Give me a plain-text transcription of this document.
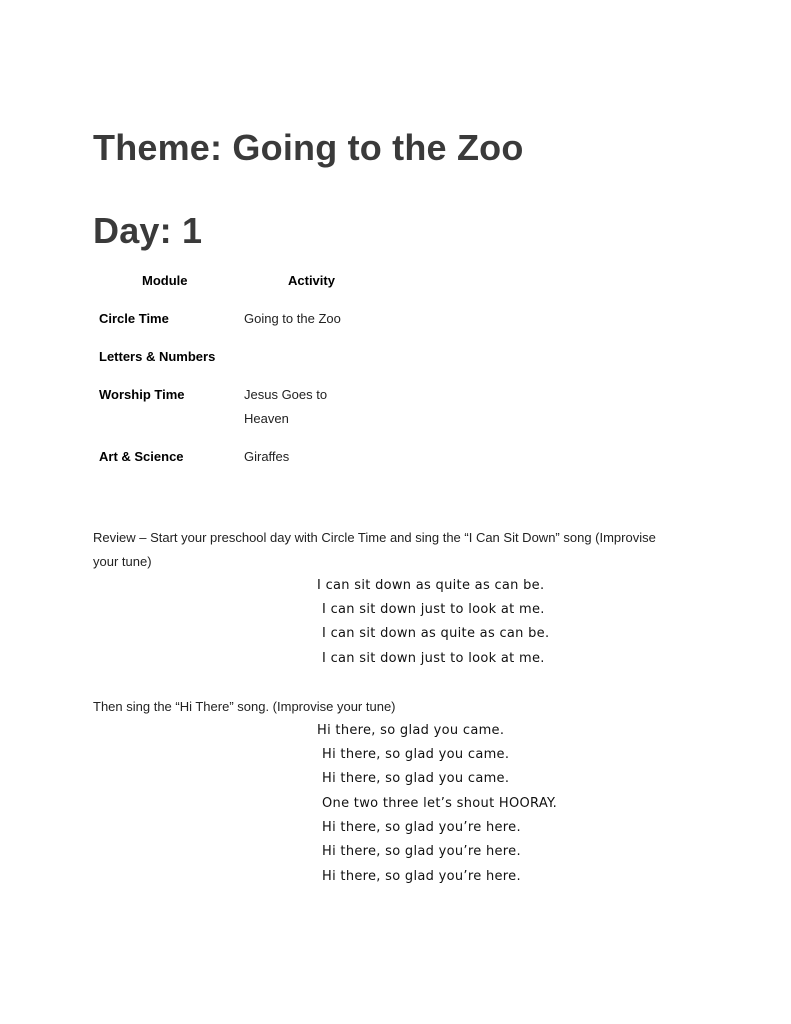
Theme: Going to the Zoo
Day: 1
Module	Activity
Circle Time	Going to the Zoo
Letters & Numbers
Worship Time	Jesus Goes to
Heaven
Art & Science	Giraffes
Review – Start your preschool day with Circle Time and sing the “I Can Sit Down” song (Improvise
your tune)
I can sit down as quite as can be.
I can sit down just to look at me.
I can sit down as quite as can be.
I can sit down just to look at me.
Then sing the “Hi There” song. (Improvise your tune)
Hi there, so glad you came.
Hi there, so glad you came.
Hi there, so glad you came.
One two three let’s shout HOORAY.
Hi there, so glad you’re here.
Hi there, so glad you’re here.
Hi there, so glad you’re here.
